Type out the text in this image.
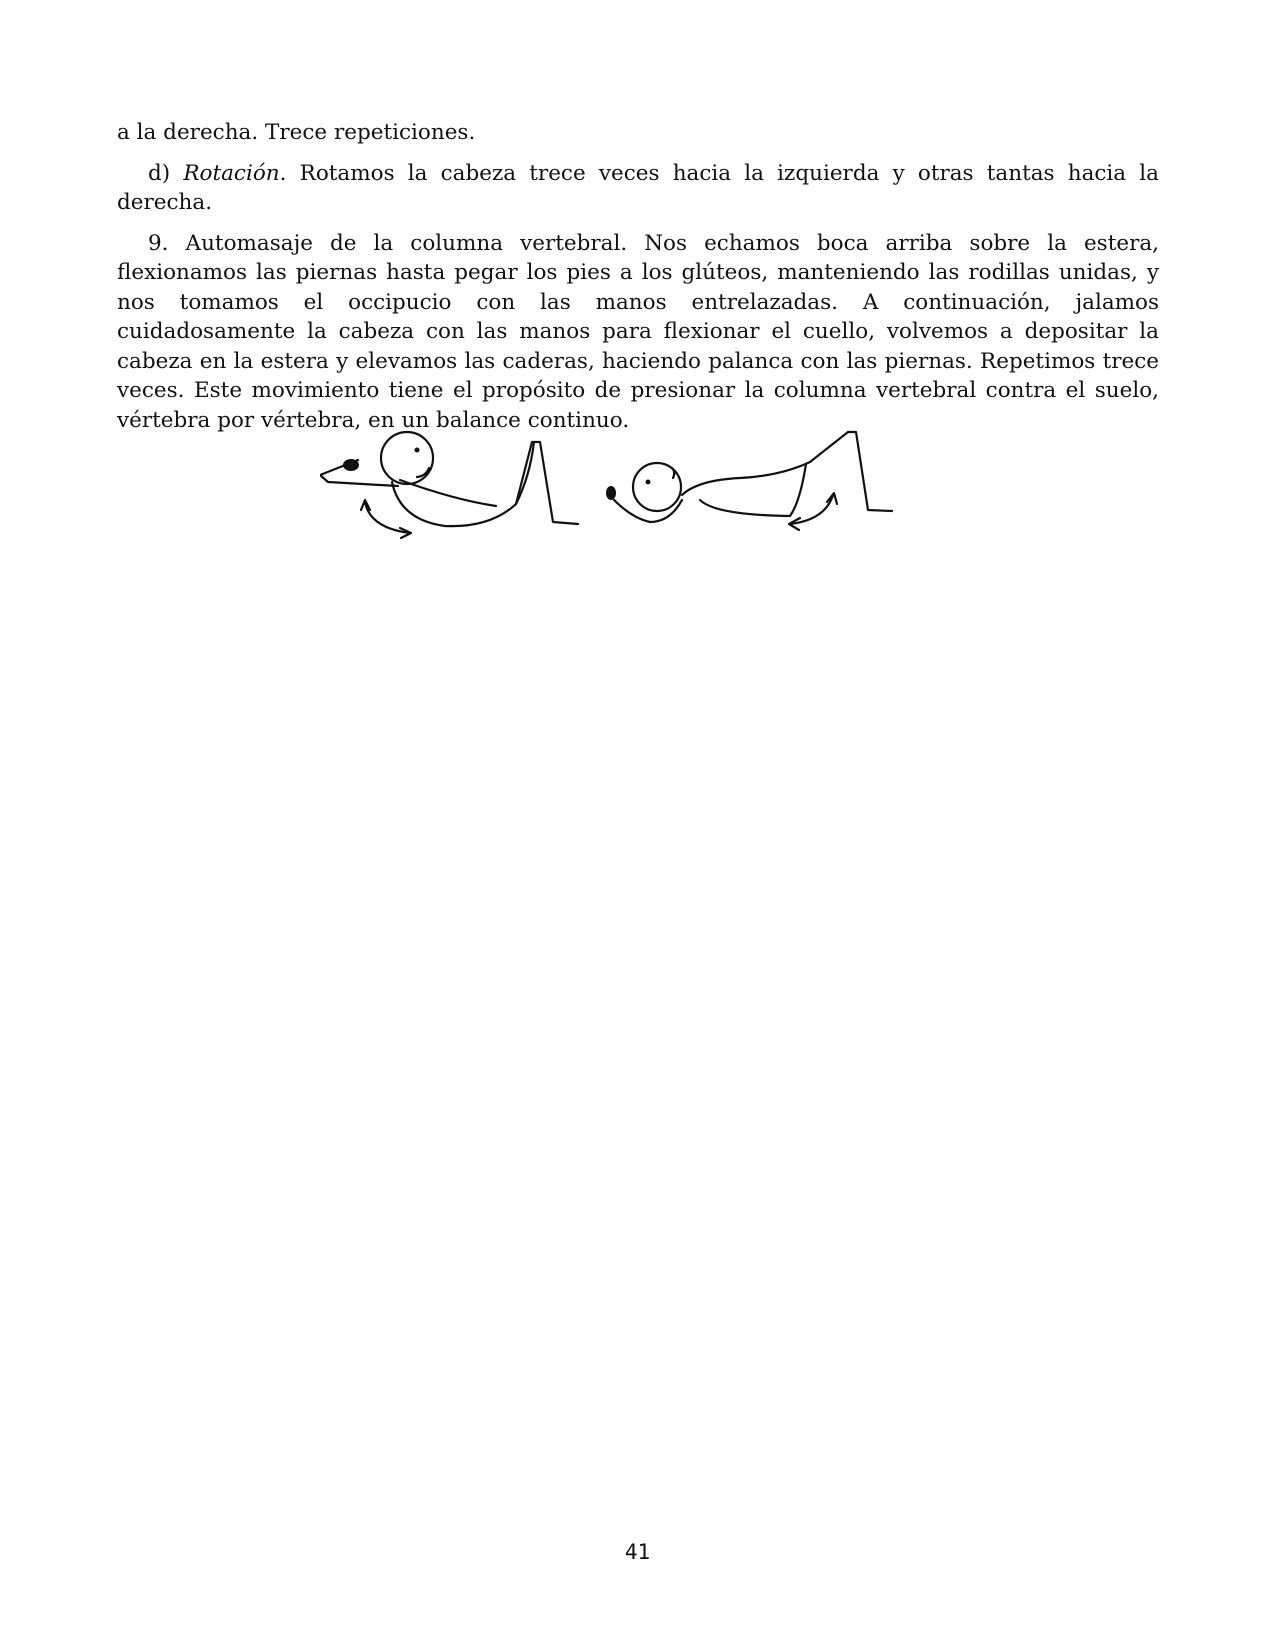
a la derecha. Trece repeticiones.

d) Rotación. Rotamos la cabeza trece veces hacia la izquierda y otras tantas hacia la derecha.

9. Automasaje de la columna vertebral. Nos echamos boca arriba sobre la estera, flexionamos las piernas hasta pegar los pies a los glúteos, manteniendo las rodillas unidas, y nos tomamos el occipucio con las manos entrelazadas. A continuación, jalamos cuidadosamente la cabeza con las manos para flexionar el cuello, volvemos a depositar la cabeza en la estera y elevamos las caderas, haciendo palanca con las piernas. Repetimos trece veces. Este movimiento tiene el propósito de presionar la columna vertebral contra el suelo, vértebra por vértebra, en un balance continuo.

41
